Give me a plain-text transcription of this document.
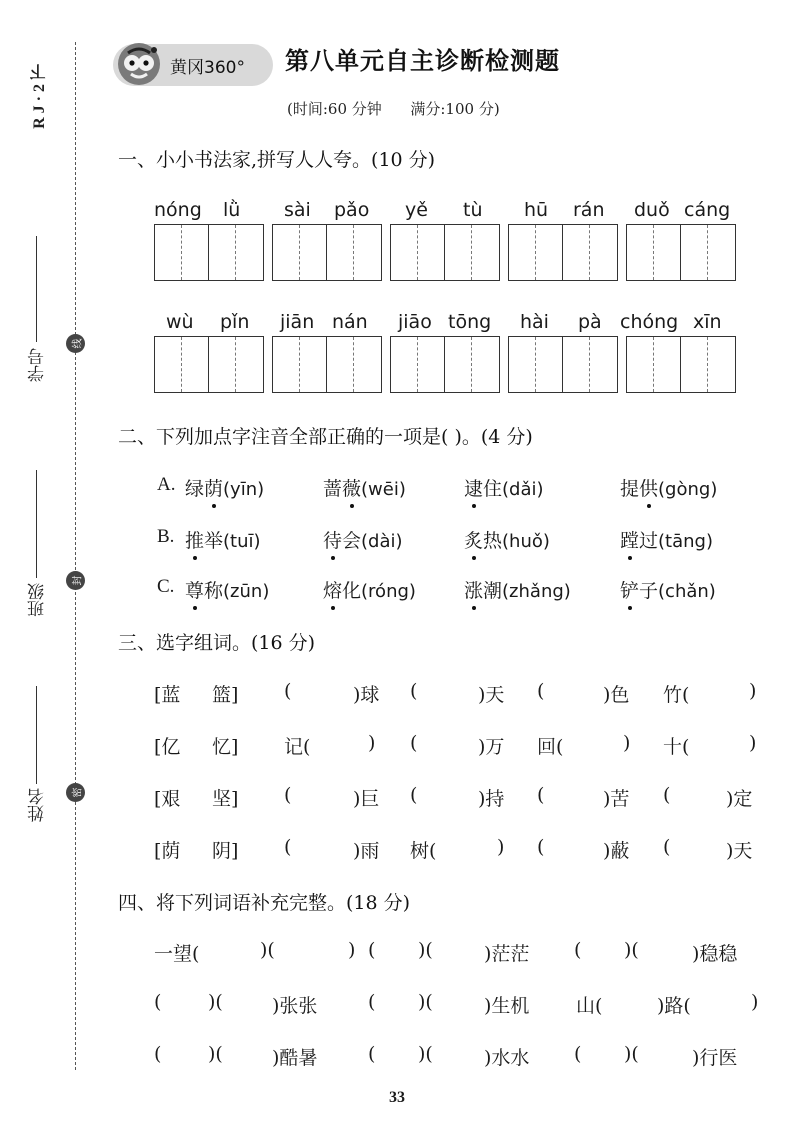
R J · 2 下
学号
班级
姓名
线
封
密
黄冈360° 第八单元自主诊断检测题
(时间:60 分钟      满分:100 分)
一、小小书法家,拼写人人夸。(10 分)
nóng lǜ sài pǎo yě tù hū rán duǒ cáng
wù pǐn jiān nán jiāo tōng hài pà chóng xīn
二、下列加点字注音全部正确的一项是( )。(4 分)
A. 绿荫(yīn)	蔷薇(wēi)	逮住(dǎi)	提供(gòng)
B. 推举(tuī)	待会(dài)	炙热(huǒ)	蹚过(tāng)
C. 尊称(zūn)	熔化(róng)	涨潮(zhǎng)	铲子(chǎn)
三、选字组词。(16 分)
[蓝 篮] (	)球 (	)天 (	)色 竹(	)
[亿 忆] 记(	) (	)万 回(	) 十(	)
[艰 坚] (	)巨 (	)持 (	)苦 (	)定
[荫 阴] (	)雨 树(	) (	)蔽 (	)天
四、将下列词语补充完整。(18 分)
一望(	)(	) ( )(	)茫茫 ( )(	)稳稳
( )(	)张张	( )(	)生机 山(	)路(	)
( )(	)酷暑	( )(	)水水 ( )(	)行医
33
